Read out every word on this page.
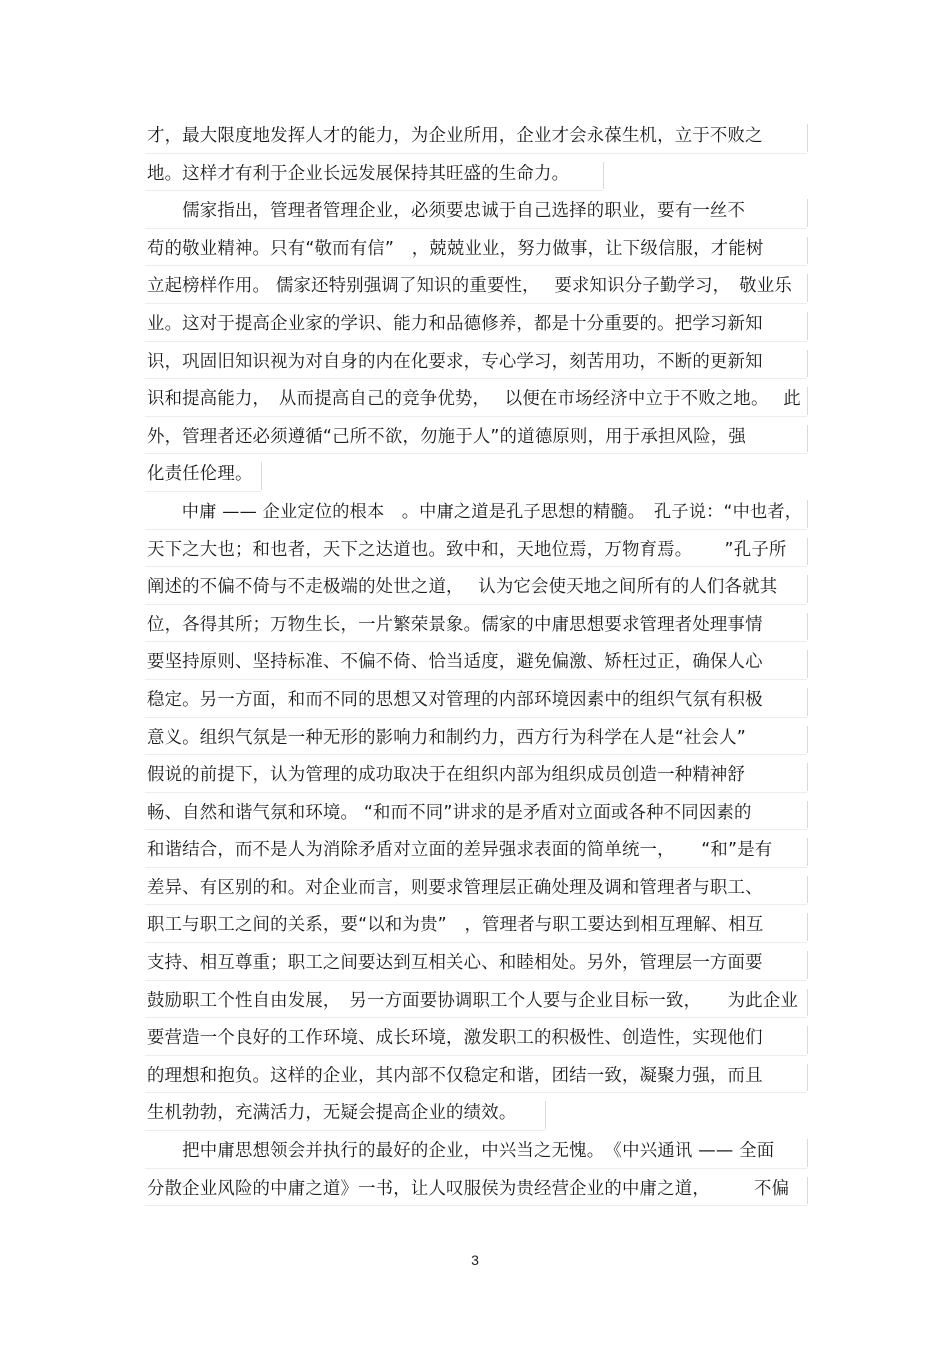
才，最大限度地发挥人才的能力，为企业所用，企业才会永葆生机，立于不败之
地。这样才有利于企业长远发展保持其旺盛的生命力。
　　儒家指出，管理者管理企业，必须要忠诚于自己选择的职业，要有一丝不
苟的敬业精神。只有“敬而有信”　，兢兢业业，努力做事，让下级信服，才能树
立起榜样作用。 儒家还特别强调了知识的重要性，　 要求知识分子勤学习，　敬业乐
业。这对于提高企业家的学识、能力和品德修养，都是十分重要的。把学习新知
识，巩固旧知识视为对自身的内在化要求，专心学习，刻苦用功，不断的更新知
识和提高能力，　从而提高自己的竞争优势，　 以便在市场经济中立于不败之地。　 此
外，管理者还必须遵循“己所不欲，勿施于人”的道德原则，用于承担风险，强
化责任伦理。
　　中庸 —— 企业定位的根本　。中庸之道是孔子思想的精髓。　孔子说：“中也者，
天下之大也；和也者，天下之达道也。致中和，天地位焉，万物育焉。　　 ”孔子所
阐述的不偏不倚与不走极端的处世之道，　 认为它会使天地之间所有的人们各就其
位，各得其所；万物生长，一片繁荣景象。儒家的中庸思想要求管理者处理事情
要坚持原则、坚持标准、不偏不倚、恰当适度，避免偏激、矫枉过正，确保人心
稳定。另一方面，和而不同的思想又对管理的内部环境因素中的组织气氛有积极
意义。组织气氛是一种无形的影响力和制约力，西方行为科学在人是“社会人”
假说的前提下，认为管理的成功取决于在组织内部为组织成员创造一种精神舒
畅、自然和谐气氛和环境。 “和而不同”讲求的是矛盾对立面或各种不同因素的
和谐结合，而不是人为消除矛盾对立面的差异强求表面的简单统一，　　“和”是有
差异、有区别的和。对企业而言，则要求管理层正确处理及调和管理者与职工、
职工与职工之间的关系，要“以和为贵”　，管理者与职工要达到相互理解、相互
支持、相互尊重；职工之间要达到互相关心、和睦相处。另外，管理层一方面要
鼓励职工个性自由发展，　另一方面要协调职工个人要与企业目标一致，　　为此企业
要营造一个良好的工作环境、成长环境，激发职工的积极性、创造性，实现他们
的理想和抱负。这样的企业，其内部不仅稳定和谐，团结一致，凝聚力强，而且
生机勃勃，充满活力，无疑会提高企业的绩效。
　　把中庸思想领会并执行的最好的企业，中兴当之无愧。　《中兴通讯 —— 全面
分散企业风险的中庸之道》一书，让人叹服侯为贵经营企业的中庸之道，　　　不偏
3
